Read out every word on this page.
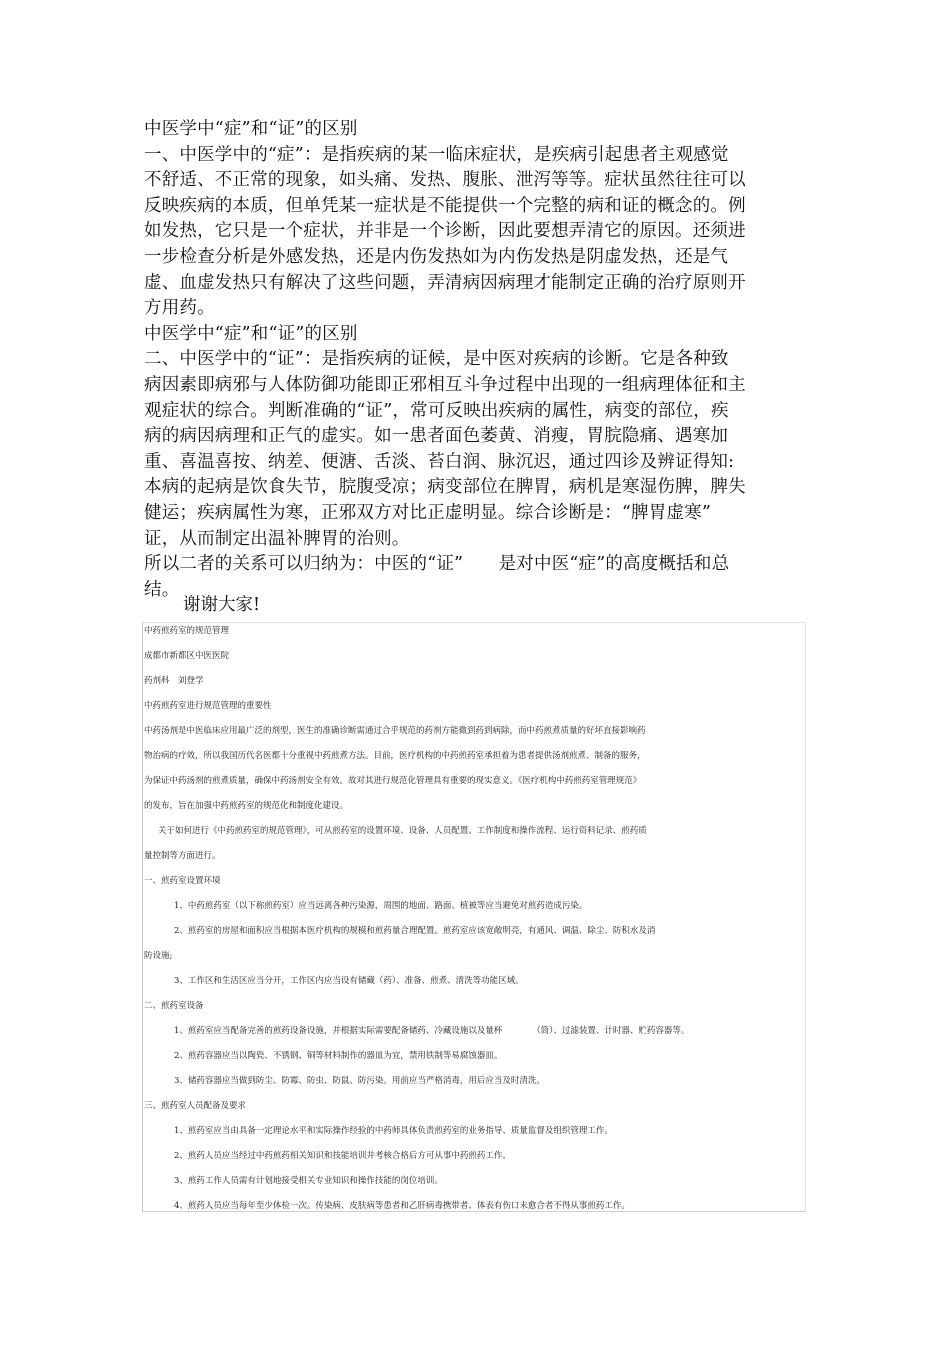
中医学中“症”和“证”的区别
一、中医学中的“症”：是指疾病的某一临床症状，是疾病引起患者主观感觉
不舒适、不正常的现象，如头痛、发热、腹胀、泄泻等等。症状虽然往往可以
反映疾病的本质，但单凭某一症状是不能提供一个完整的病和证的概念的。例
如发热，它只是一个症状，并非是一个诊断，因此要想弄清它的原因。还须进
一步检查分析是外感发热，还是内伤发热如为内伤发热是阴虚发热，还是气
虚、血虚发热只有解决了这些问题，弄清病因病理才能制定正确的治疗原则开
方用药。
中医学中“症”和“证”的区别
二、中医学中的“证”：是指疾病的证候，是中医对疾病的诊断。它是各种致
病因素即病邪与人体防御功能即正邪相互斗争过程中出现的一组病理体征和主
观症状的综合。判断准确的“证”，常可反映出疾病的属性，病变的部位，疾
病的病因病理和正气的虚实。如一患者面色萎黄、消瘦，胃脘隐痛、遇寒加
重、喜温喜按、纳差、便溏、舌淡、苔白润、脉沉迟，通过四诊及辨证得知:
本病的起病是饮食失节，脘腹受凉；病变部位在脾胃，病机是寒湿伤脾，脾失
健运；疾病属性为寒，正邪双方对比正虚明显。综合诊断是：“脾胃虚寒”
证，从而制定出温补脾胃的治则。
所以二者的关系可以归纳为：中医的“证”　　是对中医“症”的高度概括和总
结。
谢谢大家!
中药煎药室的规范管理
成都市新都区中医医院
药剂科　刘登学
中药煎药室进行规范管理的重要性
中药汤剂是中医临床应用最广泛的剂型，医生的准确诊断需通过合乎规范的药剂方能微到药到病除，而中药煎煮质量的好坏直接影响药
物治病的疗效，所以我国历代名医都十分重视中药煎煮方法。目前，医疗机构的中药煎药室承担着为患者提供汤剂煎煮、制备的服务，
为保证中药汤剂的煎煮质量，确保中药汤剂安全有效。故对其进行规范化管理具有重要的现实意义。《医疗机构中药煎药室管理规范》
的发布，旨在加强中药煎药室的规范化和制度化建设。
关于如何进行《中药煎药室的规范管理》，可从煎药室的设置环境、设备、人员配置、工作制度和操作流程、运行资料记录、煎药质
量控制等方面进行。
一、煎药室设置环境
1、中药煎药室（以下称煎药室）应当远离各种污染源，周围的地面、路面、植被等应当避免对煎药造成污染。
2、煎药室的房屋和面积应当根据本医疗机构的规模和煎药量合理配置。煎药室应该宽敞明亮，有通风、调温、除尘、防积水及消
防设施;
3、工作区和生活区应当分开，工作区内应当设有储藏（药）、准备、煎煮、清洗等功能区域。
二、煎药室设备
1、煎药室应当配备完善的煎药设备设施，并根据实际需要配备储药、冷藏设施以及量杯　　　　（筒）、过滤装置、计时器、贮药容器等。
2、煎药容器应当以陶瓷、不锈钢、铜等材料制作的器皿为宜，禁用铁制等易腐蚀器皿。
3、储药容器应当做到防尘、防霉、防虫、防鼠、防污染。用前应当严格消毒，用后应当及时清洗。
三、煎药室人员配备及要求
1、煎药室应当由具备一定理论水平和实际操作经验的中药师具体负责煎药室的业务指导、质量监督及组织管理工作。
2、煎药人员应当经过中药煎药相关知识和技能培训并考核合格后方可从事中药煎药工作。
3、煎药工作人员需有计划地接受相关专业知识和操作技能的岗位培训。
4、煎药人员应当每年至少体检一次。传染病、皮肤病等患者和乙肝病毒携带者、体表有伤口未愈合者不得从事煎药工作。
